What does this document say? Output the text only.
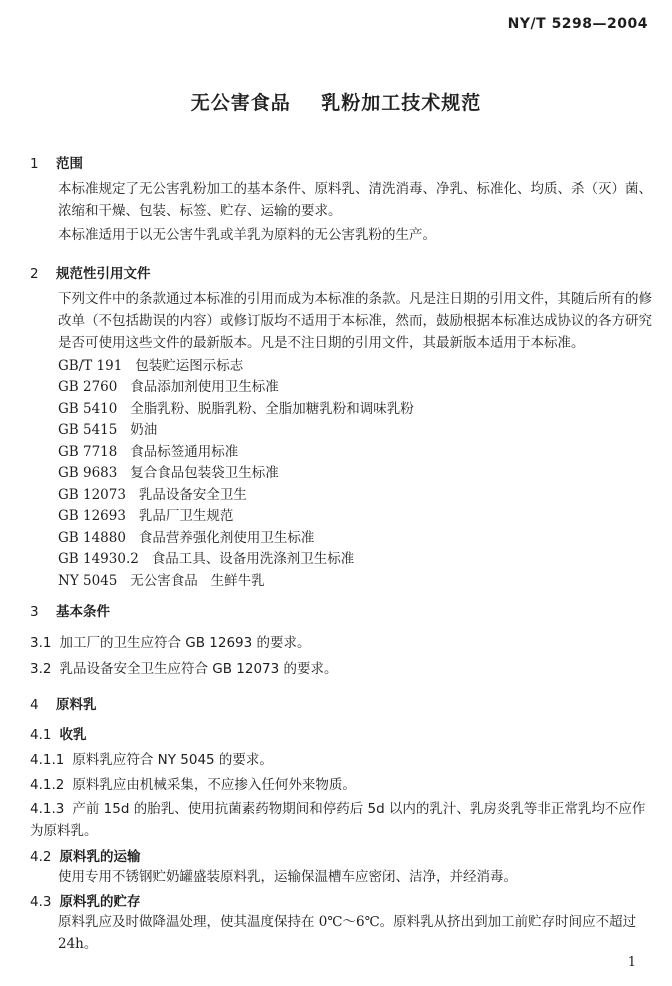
NY/T 5298—2004
无公害食品    乳粉加工技术规范
1 范围
本标准规定了无公害乳粉加工的基本条件、原料乳、清洗消毒、净乳、标准化、均质、杀（灭）菌、浓缩和干燥、包装、标签、贮存、运输的要求。
本标准适用于以无公害牛乳或羊乳为原料的无公害乳粉的生产。
2 规范性引用文件
下列文件中的条款通过本标准的引用而成为本标准的条款。凡是注日期的引用文件，其随后所有的修改单（不包括勘误的内容）或修订版均不适用于本标准，然而，鼓励根据本标准达成协议的各方研究是否可使用这些文件的最新版本。凡是不注日期的引用文件，其最新版本适用于本标准。
GB/T 191   包装贮运图示标志
GB 2760   食品添加剂使用卫生标准
GB 5410   全脂乳粉、脱脂乳粉、全脂加糖乳粉和调味乳粉
GB 5415   奶油
GB 7718   食品标签通用标准
GB 9683   复合食品包装袋卫生标准
GB 12073   乳品设备安全卫生
GB 12693   乳品厂卫生规范
GB 14880   食品营养强化剂使用卫生标准
GB 14930.2   食品工具、设备用洗涤剂卫生标准
NY 5045   无公害食品   生鲜牛乳
3 基本条件
3.1 加工厂的卫生应符合 GB 12693 的要求。
3.2 乳品设备安全卫生应符合 GB 12073 的要求。
4 原料乳
4.1 收乳
4.1.1 原料乳应符合 NY 5045 的要求。
4.1.2 原料乳应由机械采集，不应掺入任何外来物质。
4.1.3 产前 15d 的胎乳、使用抗菌素药物期间和停药后 5d 以内的乳汁、乳房炎乳等非正常乳均不应作为原料乳。
4.2 原料乳的运输
使用专用不锈钢贮奶罐盛装原料乳，运输保温槽车应密闭、洁净，并经消毒。
4.3 原料乳的贮存
原料乳应及时做降温处理，使其温度保持在 0℃～6℃。原料乳从挤出到加工前贮存时间应不超过 24h。
1
